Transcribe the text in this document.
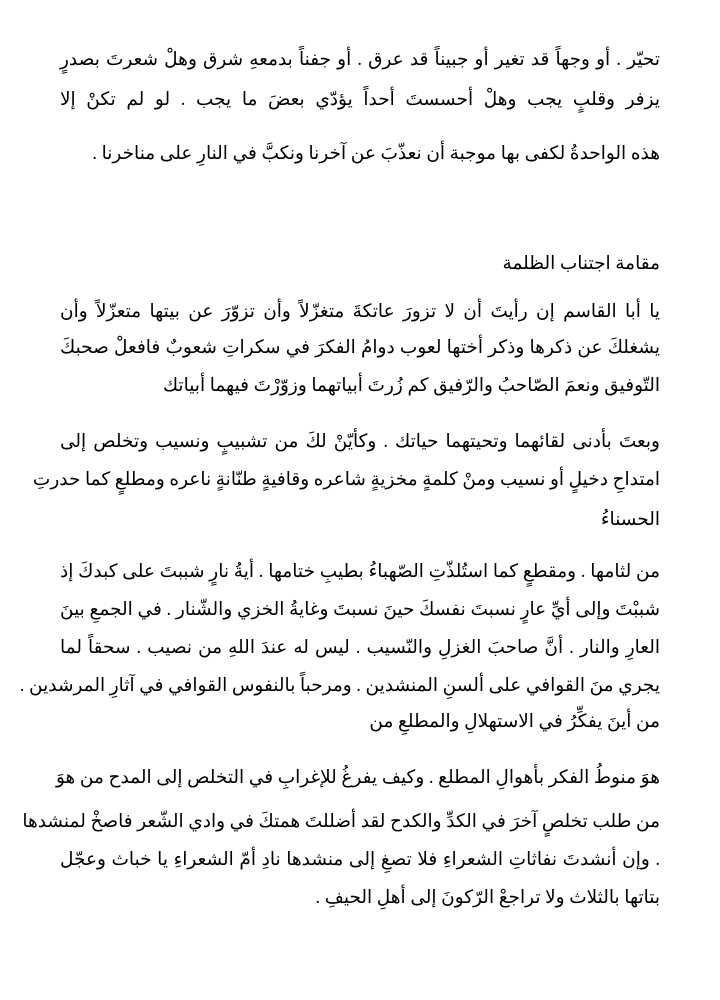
تحيّر . أو وجهاً قد تغير أو جبيناً قد عرق . أو جفناً بدمعهِ شرق وهلْ شعرتَ بصدرٍ
يزفر وقلبٍ يجب وهلْ أحسستَ أحداً يؤدّي بعضَ ما يجب . لو لم تكنْ إلا
هذه الواحدةُ لكفى بها موجبة أن نعذّبَ عن آخرنا ونكبَّ في النارِ على مناخرنا .
مقامة اجتناب الظلمة
يا أبا القاسم إن رأيتَ أن لا تزورَ عاتكةَ متغزّلاً وأن تزوّرَ عن بيتها متعزّلاً وأن
يشغلكَ عن ذكرها وذكر أختها لعوب دوامُ الفكرَ في سكراتِ شعوبٌ فافعلْ صحبكَ
التّوفيق ونعمَ الصّاحبُ والرّفيق كم زُرتَ أبياتهما وزوّرْتَ فيهما أبياتك
وبعتَ بأدنى لقائهما وتحيتهما حياتك . وكأيّنْ لكَ من تشبيبٍ ونسيب وتخلص إلى
امتداحِ دخيلٍ أو نسيب ومنْ كلمةٍ مخزيةٍ شاعره وقافيةٍ طنّانةٍ ناعره ومطلعٍ كما حدرتِ
الحسناءُ
من لثامها . ومقطعٍ كما استُلذّتِ الصّهباءُ بطيبِ ختامها . أيةُ نارٍ شببتَ على كبدكَ إذ
شببْتَ وإلى أيِّ عارٍ نسبتَ نفسكَ حينَ نسبتَ وغايةُ الخزي والشّنار . في الجمعِ بينَ
العارِ والنار . أنَّ صاحبَ الغزلِ والنّسيب . ليس له عندَ اللهِ من نصيب . سحقاً لما
يجري منَ القوافي على ألسنِ المنشدين . ومرحباً بالنفوس القوافي في آثارِ المرشدين .
من أينَ يفكِّرُ في الاستهلالِ والمطلعِ من
هوَ منوطُ الفكر بأهوالِ المطلع . وكيف يفرغُ للإغرابِ في التخلص إلى المدح من هوَ
من طلب تخلصٍ آخرَ في الكدِّ والكدح لقد أضللتَ همتكَ في وادي الشّعر فاصخْ لمنشدها
. وإن أنشدتَ نفاثاتِ الشعراءِ فلا تصغِ إلى منشدها نادِ أمّ الشعراءِ يا خباث وعجّل
بتاتها بالثلاث ولا تراجعْ الرّكونَ إلى أهلِ الحيفِ .
